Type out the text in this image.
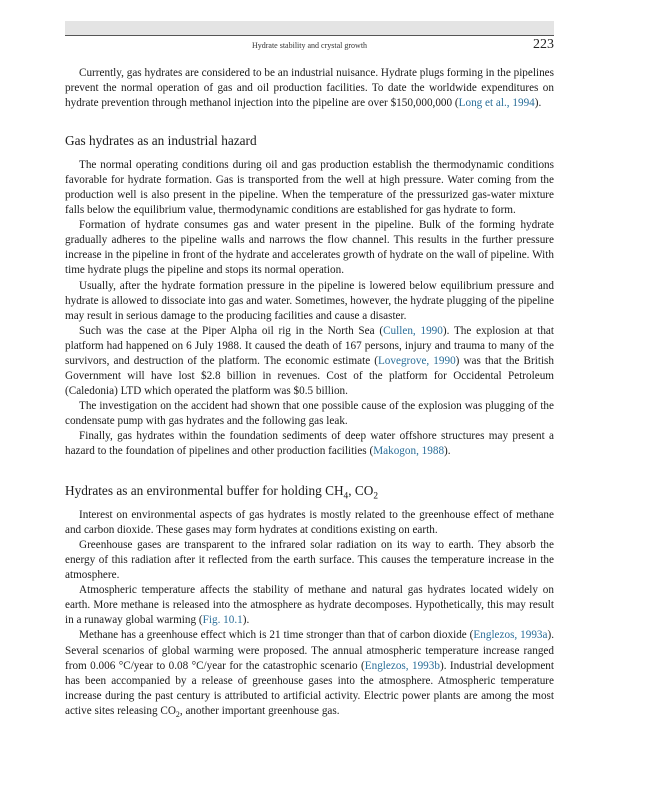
Hydrate stability and crystal growth	223

Currently, gas hydrates are considered to be an industrial nuisance. Hydrate plugs forming in the pipelines prevent the normal operation of gas and oil production facilities. To date the worldwide expenditures on hydrate prevention through methanol injection into the pipeline are over $150,000,000 (Long et al., 1994).

Gas hydrates as an industrial hazard

The normal operating conditions during oil and gas production establish the thermodynamic conditions favorable for hydrate formation. Gas is transported from the well at high pressure. Water coming from the production well is also present in the pipeline. When the temperature of the pressurized gas-water mixture falls below the equilibrium value, thermodynamic conditions are established for gas hydrate to form.

Formation of hydrate consumes gas and water present in the pipeline. Bulk of the forming hydrate gradually adheres to the pipeline walls and narrows the flow channel. This results in the further pressure increase in the pipeline in front of the hydrate and accelerates growth of hydrate on the wall of pipeline. With time hydrate plugs the pipeline and stops its normal operation.

Usually, after the hydrate formation pressure in the pipeline is lowered below equilibrium pressure and hydrate is allowed to dissociate into gas and water. Sometimes, however, the hydrate plugging of the pipeline may result in serious damage to the producing facilities and cause a disaster.

Such was the case at the Piper Alpha oil rig in the North Sea (Cullen, 1990). The explosion at that platform had happened on 6 July 1988. It caused the death of 167 persons, injury and trauma to many of the survivors, and destruction of the platform. The economic estimate (Lovegrove, 1990) was that the British Government will have lost $2.8 billion in revenues. Cost of the platform for Occidental Petroleum (Caledonia) LTD which operated the platform was $0.5 billion.

The investigation on the accident had shown that one possible cause of the explosion was plugging of the condensate pump with gas hydrates and the following gas leak.

Finally, gas hydrates within the foundation sediments of deep water offshore structures may present a hazard to the foundation of pipelines and other production facilities (Makogon, 1988).

Hydrates as an environmental buffer for holding $CH_4$, $CO_2$

Interest on environmental aspects of gas hydrates is mostly related to the greenhouse effect of methane and carbon dioxide. These gases may form hydrates at conditions existing on earth.

Greenhouse gases are transparent to the infrared solar radiation on its way to earth. They absorb the energy of this radiation after it reflected from the earth surface. This causes the temperature increase in the atmosphere.

Atmospheric temperature affects the stability of methane and natural gas hydrates located widely on earth. More methane is released into the atmosphere as hydrate decomposes. Hypothetically, this may result in a runaway global warming (Fig. 10.1).

Methane has a greenhouse effect which is 21 time stronger than that of carbon dioxide (Englezos, 1993a). Several scenarios of global warming were proposed. The annual atmospheric temperature increase ranged from 0.006 °C/year to 0.08 °C/year for the catastrophic scenario (Englezos, 1993b). Industrial development has been accompanied by a release of greenhouse gases into the atmosphere. Atmospheric temperature increase during the past century is attributed to artificial activity. Electric power plants are among the most active sites releasing $CO_2$, another important greenhouse gas.
